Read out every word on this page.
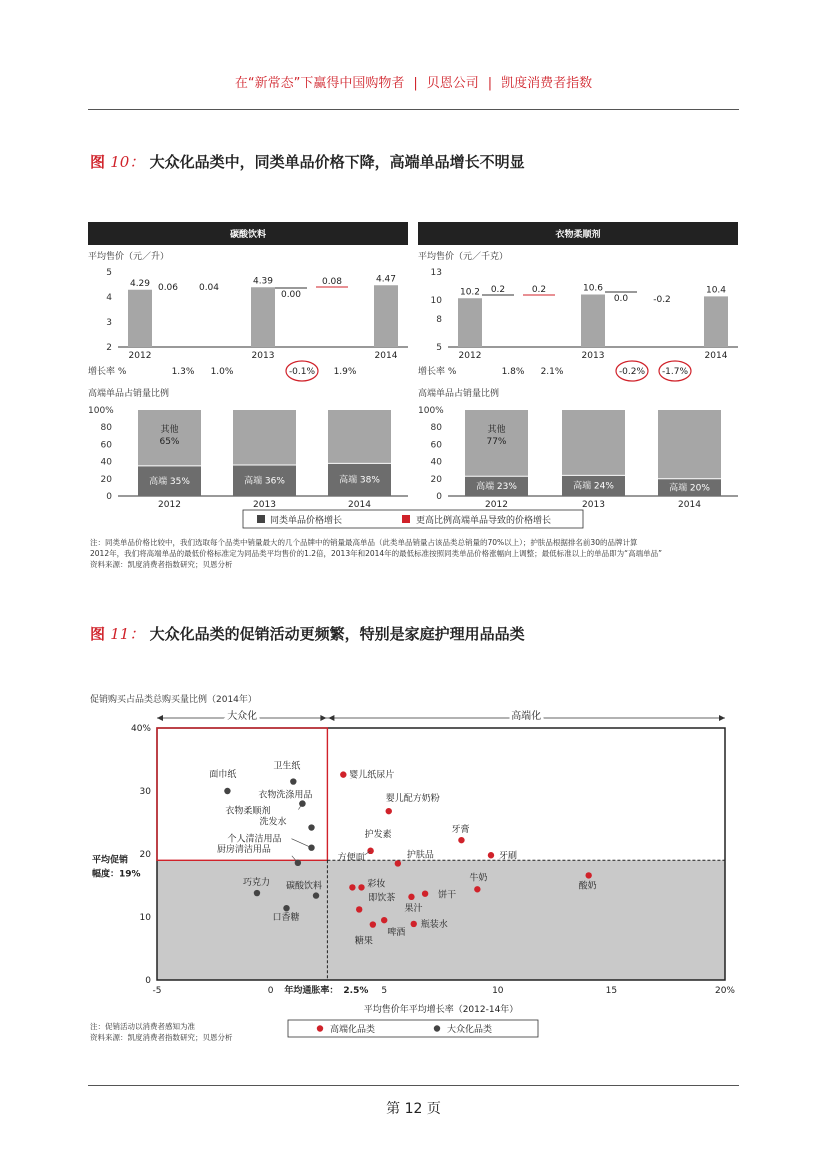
在“新常态”下赢得中国购物者 | 贝恩公司 | 凯度消费者指数
图 10： 大众化品类中，同类单品价格下降，高端单品增长不明显
碳酸饮料
平均售价（元／升）
5
4
3
2
4.29
2012
4.39
2013
4.47
2014
0.06 0.04
0.00
0.08
增长率 %	1.3% 1.0%	-0.1% 1.9%
高端单品占销量比例
100%
80
60
40
20
0
高端 35%
其他
65%
2012
高端 36%
2013
高端 38%
2014
衣物柔顺剂
平均售价（元／千克）
13
10
8
5
10.2
2012
10.6
2013
10.4
2014
0.2	0.2
0.0	-0.2
增长率 %	1.8% 2.1%	-0.2% -1.7%
高端单品占销量比例
100%
80
60
40
20
0
高端 23%
其他
77%
2012
高端 24%
2013
高端 20%
2014
同类单品价格增长	更高比例高端单品导致的价格增长
注：同类单品价格比较中，我们选取每个品类中销量最大的几个品牌中的销量最高单品（此类单品销量占该品类总销量的70%以上）；护肤品根据排名前30的品牌计算
2012年，我们将高端单品的最低价格标准定为同品类平均售价的1.2倍，2013年和2014年的最低标准按照同类单品价格涨幅向上调整；最低标准以上的单品即为“高端单品”
资料来源：凯度消费者指数研究；贝恩分析
图 11： 大众化品类的促销活动更频繁，特别是家庭护理用品品类
促销购买占品类总购买量比例（2014年）
大众化	高端化
-5	0	5	10	15	20%
0
10
20
30
40%
年均通胀率： 2.5%
平均促销
幅度：19%
平均售价年平均增长率（2012-14年）
婴儿纸尿片
婴儿配方奶粉
牙膏
牙刷
护发素
方便面	护肤品
酸奶
牛奶
彩妆
饼干
果汁
即饮茶
瓶装水
糖果
啤酒
面巾纸
卫生纸
衣物洗涤用品
衣物柔顺剂
洗发水
个人清洁用品
厨房清洁用品
巧克力 碳酸饮料
口香糖
高端化品类	大众化品类
注：促销活动以消费者感知为准
资料来源：凯度消费者指数研究；贝恩分析
第 12 页
